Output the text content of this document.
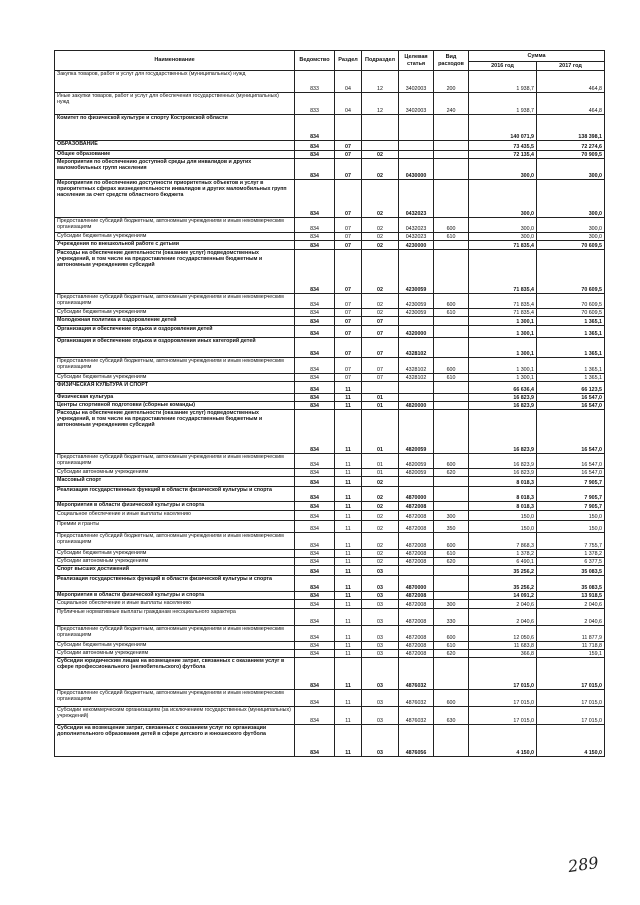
Наименование	Ведомство	Раздел	Подраздел	Целевая статья	Вид расходов	Сумма	
						2016 год	2017 год
Закупка товаров, работ и услуг для государственных (муниципальных) нужд	833	04	12	3402003	200	1 938,7	464,8
Иные закупки товаров, работ и услуг для обеспечения государственных (муниципальных) нужд	833	04	12	3402003	240	1 938,7	464,8
Комитет по физической культуре и спорту Костромской области	834					140 071,9	138 398,1
ОБРАЗОВАНИЕ	834	07				73 435,5	72 274,6
Общее образование	834	07	02			72 135,4	70 909,5
Мероприятия по обеспечению доступной среды для инвалидов и других маломобильных групп населения	834	07	02	0430000		300,0	300,0
Мероприятия по обеспечению доступности приоритетных объектов и услуг в приоритетных сферах жизнедеятельности инвалидов и других маломобильных групп населения за счет средств областного бюджета	834	07	02	0432023		300,0	300,0
Предоставление субсидий бюджетным, автономным учреждениям и иным некоммерческим организациям	834	07	02	0432023	600	300,0	300,0
Субсидии бюджетным учреждениям	834	07	02	0432023	610	300,0	300,0
Учреждения по внешкольной работе с детьми	834	07	02	4230000		71 835,4	70 609,5
Расходы на обеспечение деятельности (оказание услуг) подведомственных учреждений, в том числе на предоставление государственным бюджетным и автономным учреждениям субсидий	834	07	02	4230059		71 835,4	70 609,5
Предоставление субсидий бюджетным, автономным учреждениям и иным некоммерческим организациям	834	07	02	4230059	600	71 835,4	70 609,5
Субсидии бюджетным учреждениям	834	07	02	4230059	610	71 835,4	70 609,5
Молодежная политика и оздоровление детей	834	07	07			1 300,1	1 365,1
Организация и обеспечение отдыха и оздоровления детей	834	07	07	4320000		1 300,1	1 365,1
Организация и обеспечение отдыха и оздоровления иных категорий детей	834	07	07	4328102		1 300,1	1 365,1
Предоставление субсидий бюджетным, автономным учреждениям и иным некоммерческим организациям	834	07	07	4328102	600	1 300,1	1 365,1
Субсидии бюджетным учреждениям	834	07	07	4328102	610	1 300,1	1 365,1
ФИЗИЧЕСКАЯ КУЛЬТУРА И СПОРТ	834	11				66 636,4	66 123,5
Физическая культура	834	11	01			16 823,9	16 547,0
Центры спортивной подготовки (сборные команды)	834	11	01	4820000		16 823,9	16 547,0
Расходы на обеспечение деятельности (оказание услуг) подведомственных учреждений, в том числе на предоставление государственным бюджетным и автономным учреждениям субсидий	834	11	01	4820059		16 823,9	16 547,0
Предоставление субсидий бюджетным, автономным учреждениям и иным некоммерческим организациям	834	11	01	4820059	600	16 823,9	16 547,0
Субсидии автономным учреждениям	834	11	01	4820059	620	16 823,9	16 547,0
Массовый спорт	834	11	02			8 018,3	7 905,7
Реализация государственных функций в области физической культуры и спорта	834	11	02	4870000		8 018,3	7 905,7
Мероприятия в области физической культуры и спорта	834	11	02	4872008		8 018,3	7 905,7
Социальное обеспечение и иные выплаты населению	834	11	02	4872008	300	150,0	150,0
Премии и гранты	834	11	02	4872008	350	150,0	150,0
Предоставление субсидий бюджетным, автономным учреждениям и иным некоммерческим организациям	834	11	02	4872008	600	7 868,3	7 755,7
Субсидии бюджетным учреждениям	834	11	02	4872008	610	1 378,2	1 378,2
Субсидии автономным учреждениям	834	11	02	4872008	620	6 490,1	6 377,5
Спорт высших достижений	834	11	03			35 256,2	35 083,5
Реализация государственных функций в области физической культуры и спорта	834	11	03	4870000		35 256,2	35 083,5
Мероприятия в области физической культуры и спорта	834	11	03	4872008		14 091,2	13 918,5
Социальное обеспечение и иные выплаты населению	834	11	03	4872008	300	2 040,6	2 040,6
Публичные нормативные выплаты гражданам несоциального характера	834	11	03	4872008	330	2 040,6	2 040,6
Предоставление субсидий бюджетным, автономным учреждениям и иным некоммерческим организациям	834	11	03	4872008	600	12 050,6	11 877,9
Субсидии бюджетным учреждениям	834	11	03	4872008	610	11 683,8	11 718,8
Субсидии автономным учреждениям	834	11	03	4872008	620	366,8	159,1
Субсидии юридическим лицам на возмещение затрат, связанных с оказанием услуг в сфере профессионального (нелюбительского) футбола	834	11	03	4876032		17 015,0	17 015,0
Предоставление субсидий бюджетным, автономным учреждениям и иным некоммерческим организациям	834	11	03	4876032	600	17 015,0	17 015,0
Субсидии некоммерческим организациям (за исключением государственных (муниципальных) учреждений)	834	11	03	4876032	630	17 015,0	17 015,0
Субсидии на возмещение затрат, связанных с оказанием услуг по организации дополнительного образования детей в сфере детского и юношеского футбола	834	11	03	4876056		4 150,0	4 150,0
289
